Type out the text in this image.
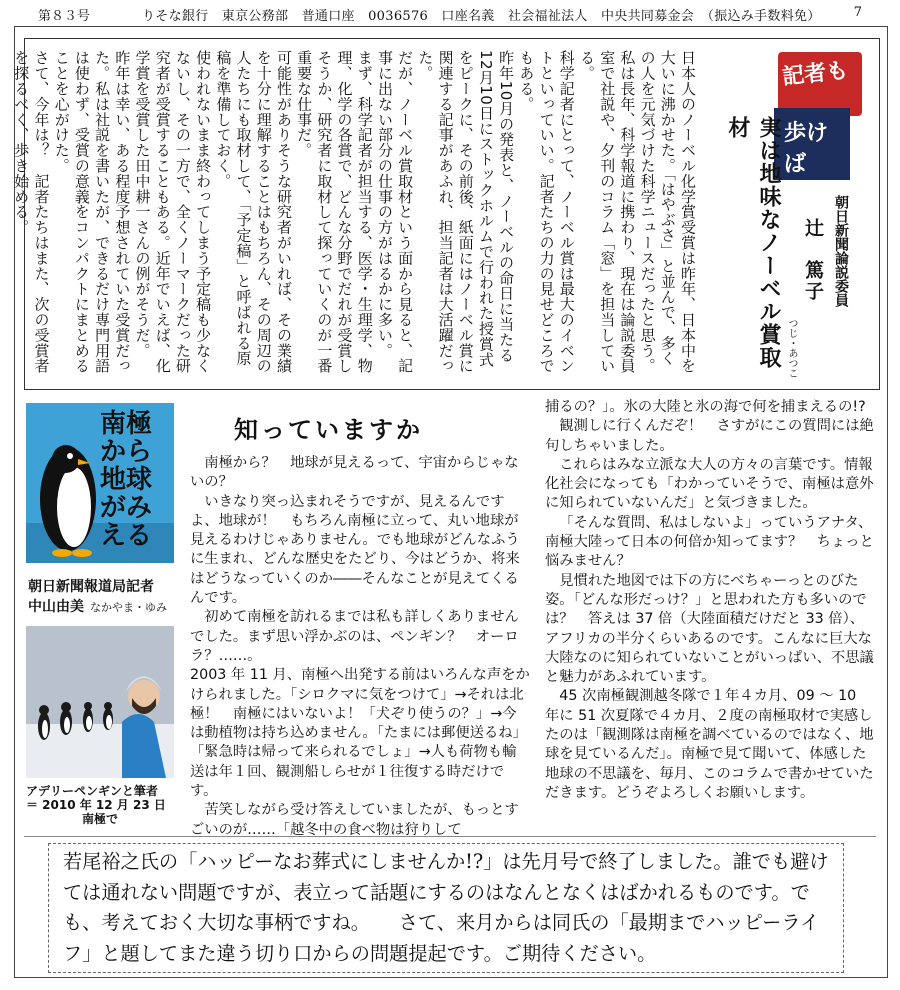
第８３号	りそな銀行　東京公務部　普通口座　0036576　口座名義　社会福祉法人　中央共同募金会　（振込み手数料免）	7
記者も
歩けば
朝日新聞論説委員
辻　篤子
つじ・あつこ
実は地味なノーベル賞取材

日本人のノーベル化学賞受賞は昨年、日本中を大いに沸かせた。「はやぶさ」と並んで、多くの人を元気づけた科学ニュースだったと思う。

私は長年、科学報道に携わり、現在は論説委員室で社説や、夕刊のコラム「窓」を担当している。

科学記者にとって、ノーベル賞は最大のイベントといっていい。記者たちの力の見せどころでもある。

昨年10月の発表と、ノーベルの命日に当たる12月10日にストックホルムで行われた授賞式をピークに、その前後、紙面にはノーベル賞に関連する記事があふれ、担当記者は大活躍だった。

だが、ノーベル賞取材という面から見ると、記事に出ない部分の仕事の方がはるかに多い。

まず、科学記者が担当する、医学・生理学、物理、化学の各賞で、どんな分野でだれが受賞しそうか、研究者に取材して探っていくのが一番重要な仕事だ。

可能性がありそうな研究者がいれば、その業績を十分に理解することはもちろん、その周辺の人たちにも取材して、「予定稿」と呼ばれる原稿を準備しておく。

使われないまま終わってしまう予定稿も少なくないし、その一方で、全くノーマークだった研究者が受賞することもある。近年でいえば、化学賞を受賞した田中耕一さんの例がそうだ。

昨年は幸い、ある程度予想されていた受賞だった。私は社説を書いたが、できるだけ専門用語は使わず、受賞の意義をコンパクトにまとめることを心がけた。

さて、今年は？　記者たちはまた、次の受賞者を探るべく、歩き始める。

南極から地球がみえる
朝日新聞報道局記者
中山由美 なかやま・ゆみ
アデリーペンギンと筆者
＝ 2010 年 12 月 23 日
南極で
知っていますか

南極から？　地球が見えるって、宇宙からじゃないの？

いきなり突っ込まれそうですが、見えるんですよ、地球が！　もちろん南極に立って、丸い地球が見えるわけじゃありません。でも地球がどんなふうに生まれ、どんな歴史をたどり、今はどうか、将来はどうなっていくのか――そんなことが見えてくるんです。

初めて南極を訪れるまでは私も詳しくありませんでした。まず思い浮かぶのは、ペンギン？　オーロラ？……。

2003 年 11 月、南極へ出発する前はいろんな声をかけられました。「シロクマに気をつけて」→それは北極！　南極にはいないよ！「犬ぞり使うの？」→今は動植物は持ち込めません。「たまには郵便送るね」「緊急時は帰って来られるでしょ」→人も荷物も輸送は年１回、観測船しらせが１往復する時だけです。

苦笑しながら受け答えしていましたが、もっとすごいのが……「越冬中の食べ物は狩りして

捕るの？」。氷の大陸と氷の海で何を捕まえるの!?

観測しに行くんだぞ！　さすがにこの質問には絶句しちゃいました。

これらはみな立派な大人の方々の言葉です。情報化社会になっても「わかっていそうで、南極は意外に知られていないんだ」と気づきました。

「そんな質問、私はしないよ」っていうアナタ、南極大陸って日本の何倍か知ってます？　ちょっと悩みません？

見慣れた地図では下の方にべちゃーっとのびた姿。「どんな形だっけ？」と思われた方も多いのでは？　答えは 37 倍（大陸面積だけだと 33 倍）、アフリカの半分くらいあるのです。こんなに巨大な大陸なのに知られていないことがいっぱい、不思議と魅力があふれています。

45 次南極観測越冬隊で１年４カ月、09 ～ 10 年に 51 次夏隊で４カ月、２度の南極取材で実感したのは「観測隊は南極を調べているのではなく、地球を見ているんだ」。南極で見て聞いて、体感した地球の不思議を、毎月、このコラムで書かせていただきます。どうぞよろしくお願いします。

若尾裕之氏の「ハッピーなお葬式にしませんか!?」は先月号で終了しました。誰でも避けては通れない問題ですが、表立って話題にするのはなんとなくはばかれるものです。でも、考えておく大切な事柄ですね。　　さて、来月からは同氏の「最期までハッピーライフ」と題してまた違う切り口からの問題提起です。ご期待ください。
